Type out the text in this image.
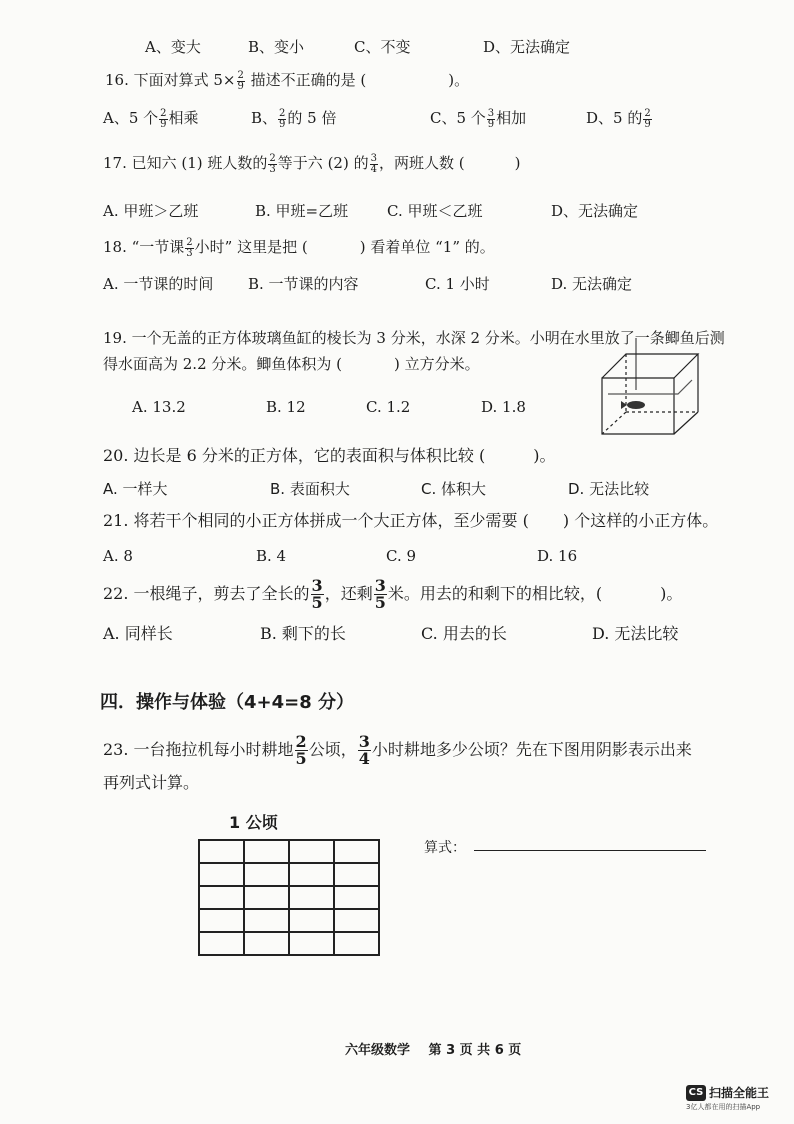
A、变大	B、变小	C、不变	D、无法确定
16. 下面对算式 $5\times \frac{2}{9}$ 描述不正确的是 (	)。
A、5 个 $\frac{2}{9}$ 相乘	B、 $\frac{2}{9}$ 的 5 倍	C、5 个 $\frac{3}{9}$ 相加	D、5 的 $\frac{2}{9}$
17. 已知六 (1) 班人数的 $\frac{2}{3}$ 等于六 (2) 的 $\frac{3}{4}$ ，两班人数 (	)
A. 甲班＞乙班	B. 甲班=乙班	C. 甲班＜乙班	D、无法确定
18. “一节课 $\frac{2}{3}$ 小时” 这里是把 (	) 看着单位 “1” 的。
A. 一节课的时间 B. 一节课的内容	C. 1 小时	D. 无法确定
19. 一个无盖的正方体玻璃鱼缸的棱长为 3 分米，水深 2 分米。小明在水里放了一条鲫鱼后测
得水面高为 2.2 分米。鲫鱼体积为 (	) 立方分米。
A. 13.2	B. 12	C. 1.2	D. 1.8
20. 边长是 6 分米的正方体，它的表面积与体积比较 (	)。
A. 一样大	B. 表面积大	C. 体积大	D. 无法比较
21. 将若干个相同的小正方体拼成一个大正方体，至少需要 ( ) 个这样的小正方体。
A. 8	B. 4	C. 9	D. 16
22. 一根绳子，剪去了全长的 $\frac{3}{5}$ ，还剩 $\frac{3}{5}$ 米。用去的和剩下的相比较，(	)。
A. 同样长	B. 剩下的长	C. 用去的长	D. 无法比较
四．操作与体验（4+4=8 分）
23. 一台拖拉机每小时耕地 $\frac{2}{5}$ 公顷， $\frac{3}{4}$ 小时耕地多少公顷？先在下图用阴影表示出来
再列式计算。
1 公顷

算式：
六年级数学 第 3 页 共 6 页
CS 扫描全能王
3亿人都在用的扫描App
